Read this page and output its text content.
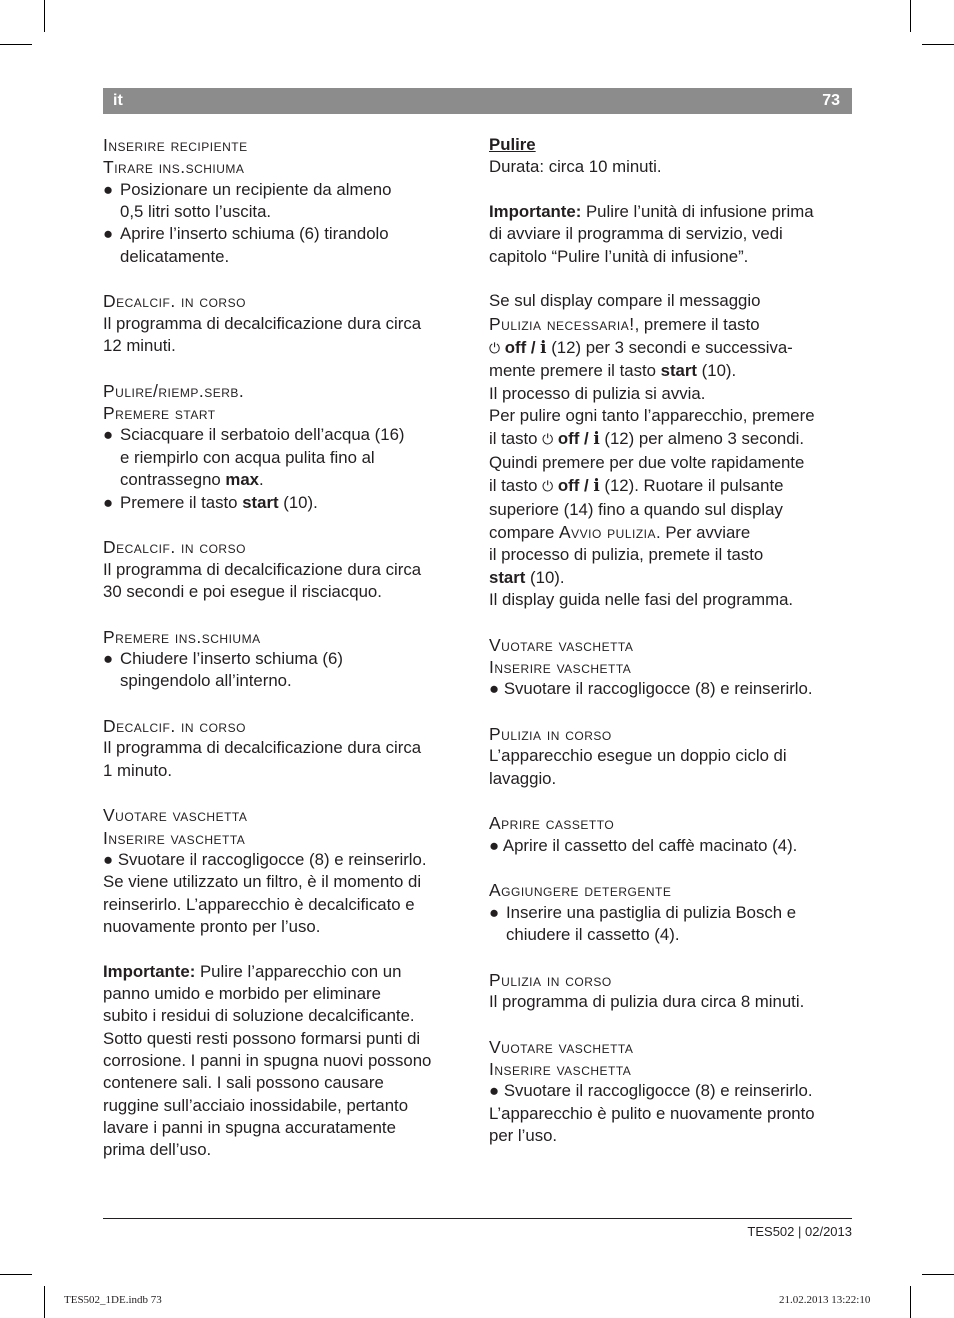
it	73

Inserire recipiente

Tirare ins.schiuma

● Posizionare un recipiente da almeno

0,5 litri sotto l’uscita.

● Aprire l’inserto schiuma (6) tirandolo

delicatamente.

Decalcif. in corso

Il programma di decalcificazione dura circa

12 minuti.

Pulire/riemp.serb.

Premere start

● Sciacquare il serbatoio dell’acqua (16)

e riempirlo con acqua pulita fino al

contrassegno max.

● Premere il tasto start (10).

Decalcif. in corso

Il programma di decalcificazione dura circa

30 secondi e poi esegue il risciacquo.

Premere ins.schiuma

● Chiudere l’inserto schiuma (6)

spingendolo all’interno.

Decalcif. in corso

Il programma di decalcificazione dura circa

1 minuto.

Vuotare vaschetta

Inserire vaschetta

● Svuotare il raccogligocce (8) e reinserirlo.

Se viene utilizzato un filtro, è il momento di

reinserirlo. L’apparecchio è decalcificato e

nuovamente pronto per l’uso.

Importante: Pulire l’apparecchio con un

panno umido e morbido per eliminare

subito i residui di soluzione decalcificante.

Sotto questi resti possono formarsi punti di

corrosione. I panni in spugna nuovi possono

contenere sali. I sali possono causare

ruggine sull’acciaio inossidabile, pertanto

lavare i panni in spugna accuratamente

prima dell’uso.

Pulire

Durata: circa 10 minuti.

Importante: Pulire l’unità di infusione prima

di avviare il programma di servizio, vedi

capitolo “Pulire l’unità di infusione”.

Se sul display compare il messaggio

Pulizia necessaria!, premere il tasto

⏻ off / i (12) per 3 secondi e successiva-

mente premere il tasto start (10).

Il processo di pulizia si avvia.

Per pulire ogni tanto l’apparecchio, premere

il tasto ⏻ off / i (12) per almeno 3 secondi.

Quindi premere per due volte rapidamente

il tasto ⏻ off / i (12). Ruotare il pulsante

superiore (14) fino a quando sul display

compare Avvio pulizia. Per avviare

il processo di pulizia, premete il tasto

start (10).

Il display guida nelle fasi del programma.

Vuotare vaschetta

Inserire vaschetta

● Svuotare il raccogligocce (8) e reinserirlo.

Pulizia in corso

L’apparecchio esegue un doppio ciclo di

lavaggio.

Aprire cassetto

● Aprire il cassetto del caffè macinato (4).

Aggiungere detergente

● Inserire una pastiglia di pulizia Bosch e

chiudere il cassetto (4).

Pulizia in corso

Il programma di pulizia dura circa 8 minuti.

Vuotare vaschetta

Inserire vaschetta

● Svuotare il raccogligocce (8) e reinserirlo.

L’apparecchio è pulito e nuovamente pronto

per l’uso.

TES502 | 02/2013
TES502_1DE.indb 73	21.02.2013 13:22:10
